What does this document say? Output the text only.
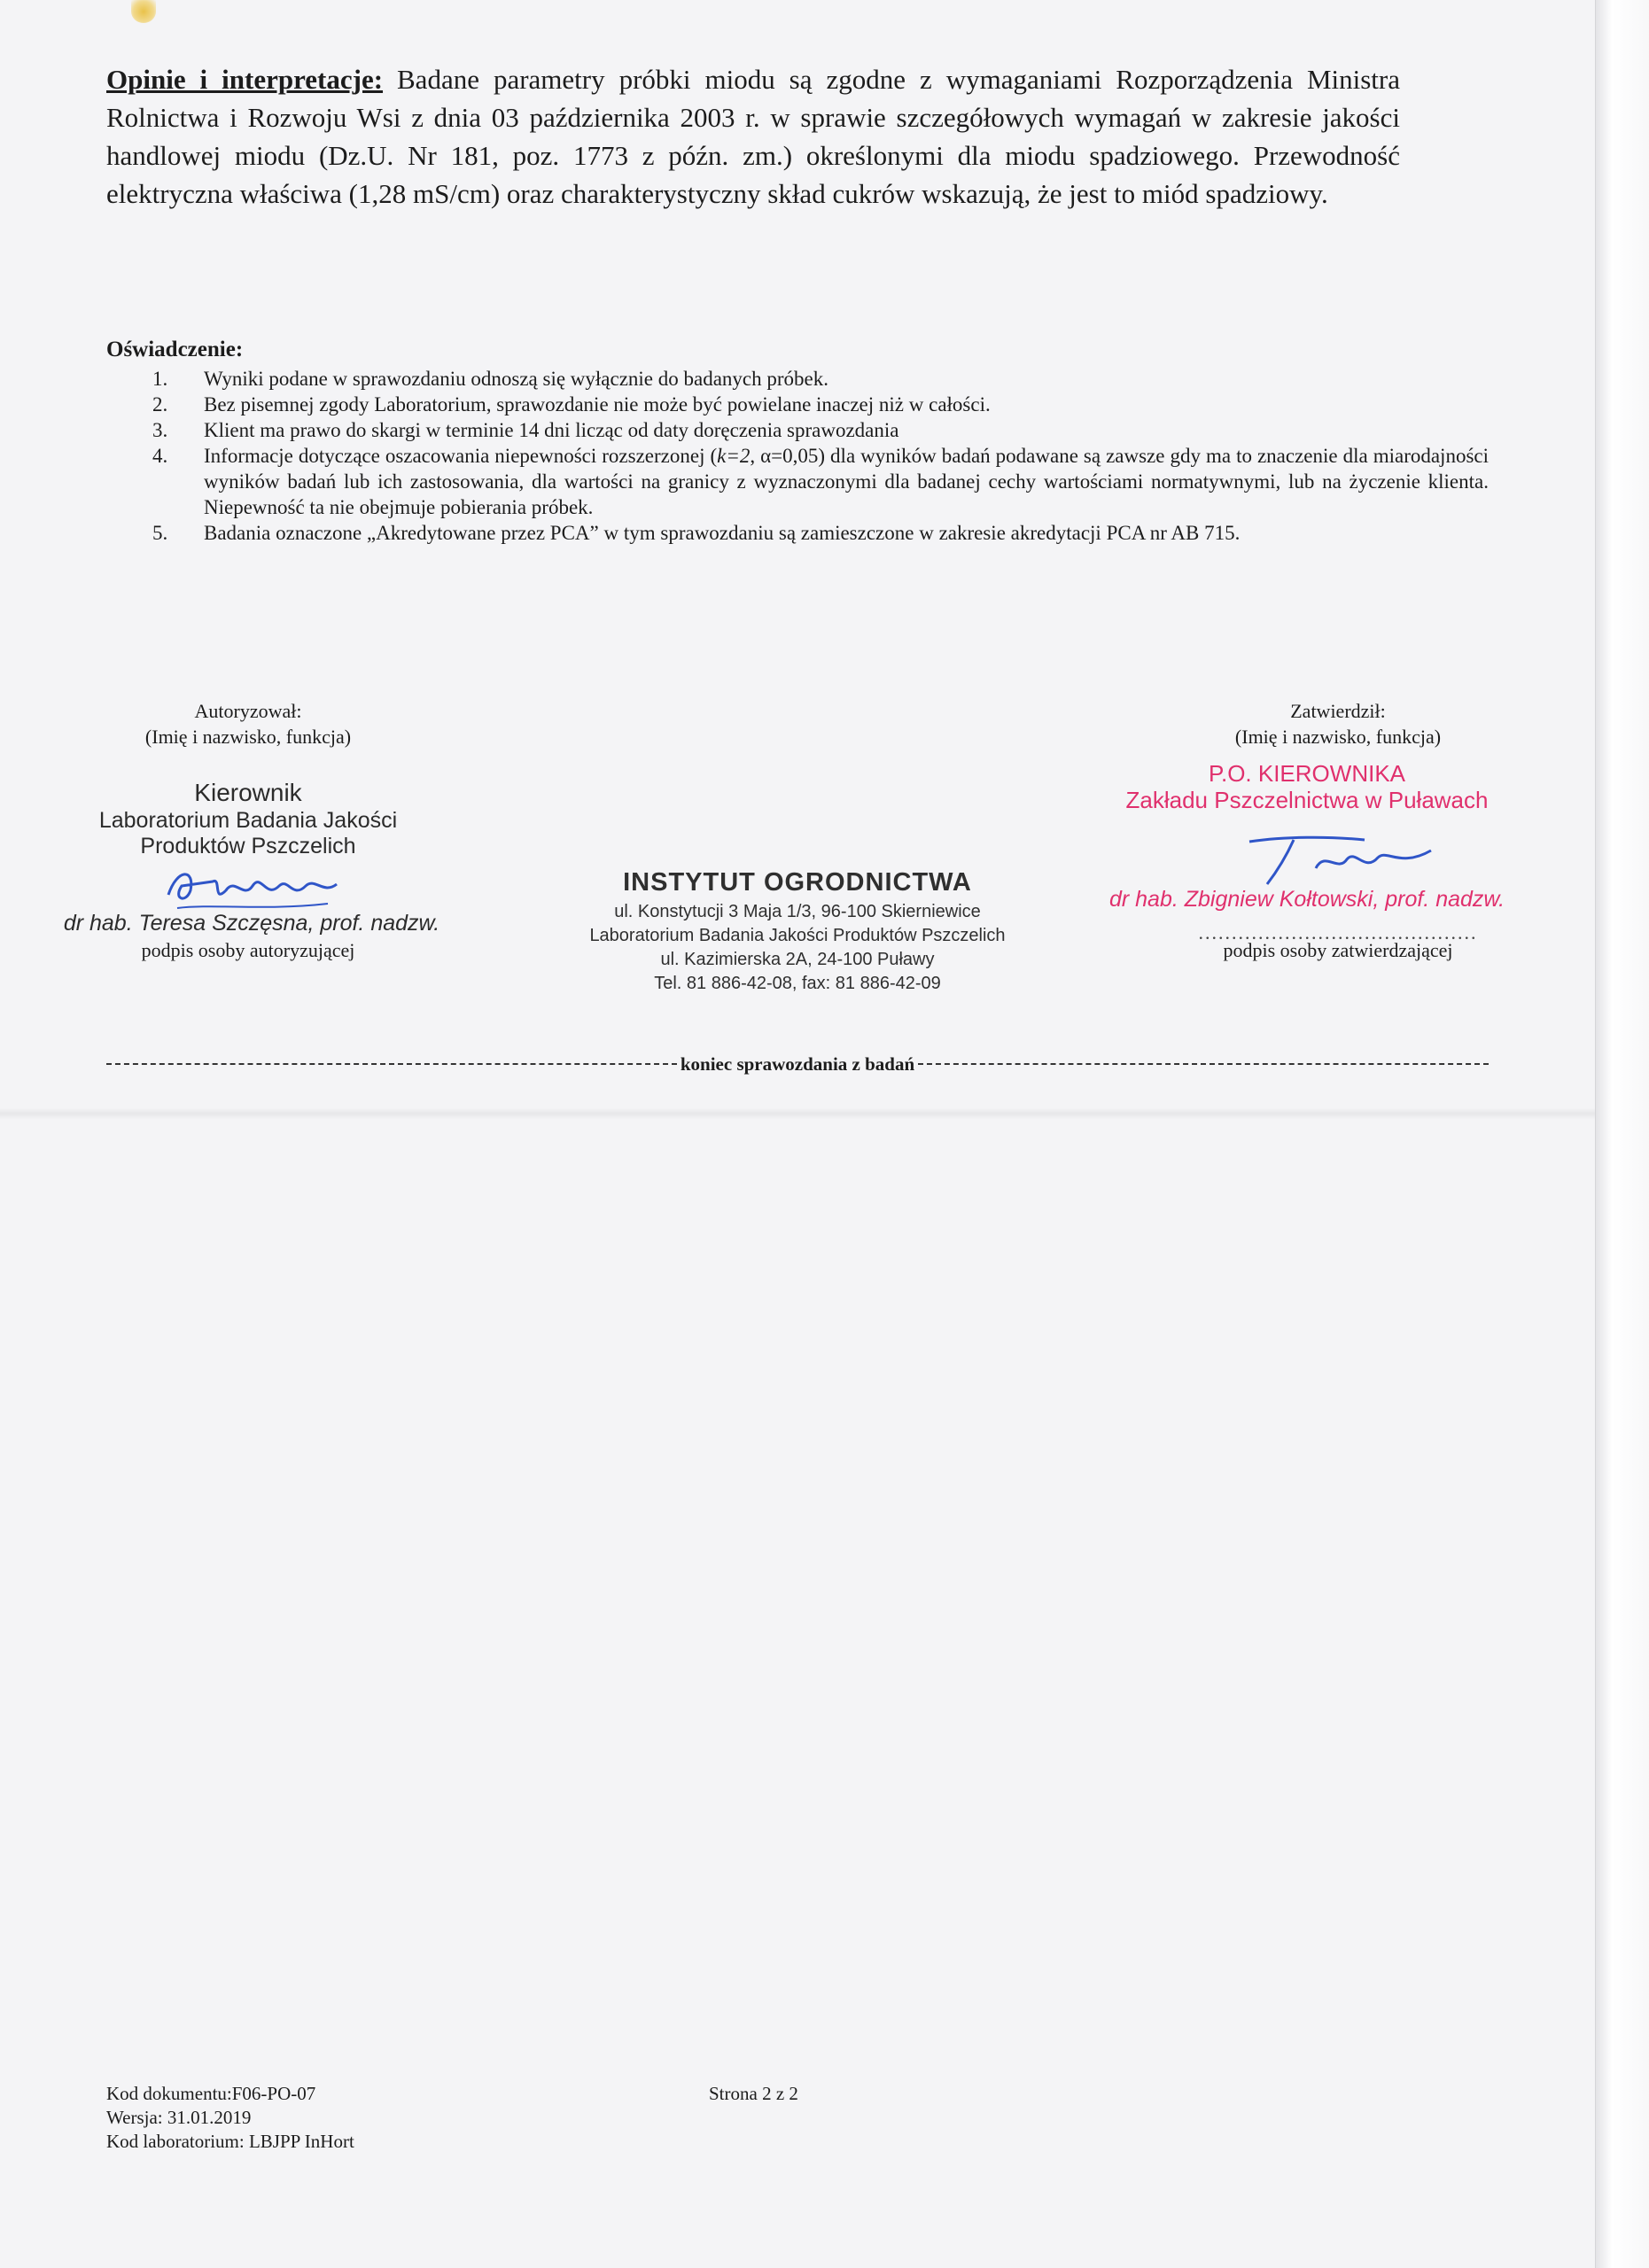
Opinie i interpretacje: Badane parametry próbki miodu są zgodne z wymaganiami Rozporządzenia Ministra Rolnictwa i Rozwoju Wsi z dnia 03 października 2003 r. w sprawie szczegółowych wymagań w zakresie jakości handlowej miodu (Dz.U. Nr 181, poz. 1773 z późn. zm.) określonymi dla miodu spadziowego. Przewodność elektryczna właściwa (1,28 mS/cm) oraz charakterystyczny skład cukrów wskazują, że jest to miód spadziowy.
Oświadczenie:
1. Wyniki podane w sprawozdaniu odnoszą się wyłącznie do badanych próbek.
2. Bez pisemnej zgody Laboratorium, sprawozdanie nie może być powielane inaczej niż w całości.
3. Klient ma prawo do skargi w terminie 14 dni licząc od daty doręczenia sprawozdania
4. Informacje dotyczące oszacowania niepewności rozszerzonej (k=2, α=0,05) dla wyników badań podawane są zawsze gdy ma to znaczenie dla miarodajności wyników badań lub ich zastosowania, dla wartości na granicy z wyznaczonymi dla badanej cechy wartościami normatywnymi, lub na życzenie klienta. Niepewność ta nie obejmuje pobierania próbek.
5. Badania oznaczone „Akredytowane przez PCA” w tym sprawozdaniu są zamieszczone w zakresie akredytacji PCA nr AB 715.
Autoryzował:
(Imię i nazwisko, funkcja)
Kierownik
Laboratorium Badania Jakości
Produktów Pszczelich
dr hab. Teresa Szczęsna, prof. nadzw.
podpis osoby autoryzującej
Zatwierdził:
(Imię i nazwisko, funkcja)
P.O. KIEROWNIKA
Zakładu Pszczelnictwa w Puławach
dr hab. Zbigniew Kołtowski, prof. nadzw.
..........................................
podpis osoby zatwierdzającej
INSTYTUT OGRODNICTWA
ul. Konstytucji 3 Maja 1/3, 96-100 Skierniewice
Laboratorium Badania Jakości Produktów Pszczelich
ul. Kazimierska 2A, 24-100 Puławy
Tel. 81 886-42-08, fax: 81 886-42-09
koniec sprawozdania z badań
Kod dokumentu:F06-PO-07
Wersja: 31.01.2019
Kod laboratorium: LBJPP InHort
Strona 2 z 2
